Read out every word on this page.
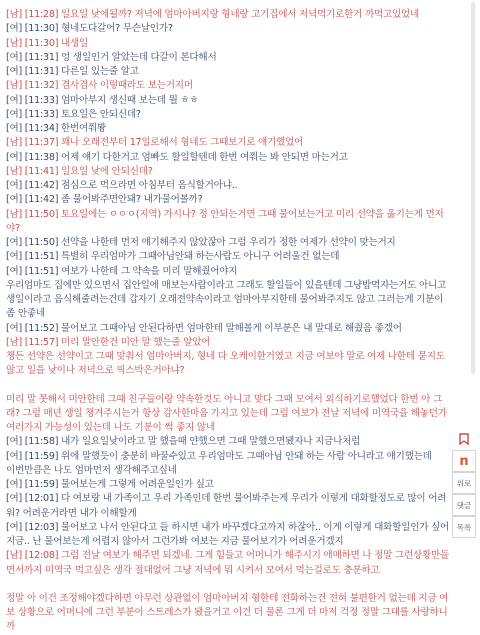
[남] [11:28] 일요일 낮에될까? 저녁에 엄마아버지랑 형네랑 고기집에서 저녁먹기로한거 까먹고있었네
[여] [11:30] 형네도다갈어? 무슨날인가?
[남] [11:30] 내생일
[여] [11:31] 엉 생일인거 알았는데 다갈이 본다해서
[여] [11:31] 다른일 있는줄 알고
[남] [11:32] 겸사겸사 이렇때라도 보는거지머
[여] [11:33] 엄마아부지 생신때 보는데 뭘 ㅎㅎ
[여] [11:33] 토요일은 안되신데?
[여] [11:34] 한번여쭤봥
[남] [11:37] 꽤나 오래전부터 17일로해서 형네도 그때보기로 얘기했었어
[여] [11:38] 어제 얘기 다한거고 엄빠도 할일할텐데 한번 여쭤는 봐 안되면 마는거고
[남] [11:41] 일요일 낮에 안되신데?
[여] [11:42] 점심으로 먹으라면 아침부터 음식할거아냐..
[여] [11:42] 좀 물어봐주면안돼? 내가물어볼까?
[남] [11:50] 토요일에는 ㅇㅇㅇ(지역) 가시나? 정 안되는거면 그때 물어보는거고 미리 선약을 옮기는게 먼저야?
[여] [11:50] 선약을 나한테 먼저 얘기해주지 않았잖아 그럼 우리가 정한 여제가 선약이 맞는거지
[여] [11:51] 특별히 우리엄마가 그때아님안돼 하는사람도 아니구 어려울건 없는데
[여] [11:51] 여보가 나한테 그 약속을 미리 말해줬어야지
우리엄마도 집에만 있으면서 집안일에 매보는사람이라고 그래도 할일들이 있을텐데 그냥밥먹자는거도 아니고 생일이라고 음식해줄려는건데 갑자기 오래전약속이라고 엄마아부지한테 물어봐주지도 않고 그러는게 기분이 좀 안좋네
[여] [11:52] 물어보고 그때아님 안된다하면 엄마한테 말해볼게 이부분은 내 말대로 해줬음 좋겠어
[남] [11:57] 미리 말안한건 미안 말 했는줄 알았어
챙든 선약은 선약이고 그때 맞춰서 엄마아버지, 형네 다 오케이한거였고 지금 여보야 말로 여제 나한테 묻지도 않고 일을 낮이나 저녁으로 픽스박은거아냐?
미리 말 못해서 미안한데 그때 친구들이랑 약속한것도 아니고 맞다 그때 모여서 외식하기로했었다 한번 아 그래? 그럼 매년 생일 챙겨주시는거 항상 감사한마음 가지고 있는데 그럼 여보가 전날 저녁에 미역국을 해놓던가 여러가지 가능성이 있는데 나도 기분이 썩 좋지 않네
[여] [11:58] 내가 일요일낮이라고 말 했을때 얀했으면 그때 말했으면됐자나 지금나처럼
[여] [11:59] 위에 말했듯이 충분히 바꿀수있고 우리엄마도 그때아님 안돼 하는 사람 아니라고 얘기했는데
이번만큼은 나도 엄마먼저 생각해주고싶네
[여] [11:59] 물어보는게 그렇게 어려운일인가 싶고
[여] [12:01] 다 여보랑 내 가족이고 우리 가족인데 한번 물어봐주는게 우리가 이렇게 대화할정도로 많이 어려워? 어려운거라면 내가 이해할게
[여] [12:03] 물어보고 나서 안된다고 들 하시면 내가 바꾸겠다고까지 하잖아.. 이게 이렇게 대화할일인가 싶어 지금.. 난 물어보는게 어렵지 않아서 그런가봐 여보는 지금 물어보기가 어려운거겠지
[남] [12:08] 그럼 전날 여보가 해주면 되겠네. 그게 힘들고 어머니가 해주시기 애매하면 나 정말 그런상황만들면서까지 미역국 먹고싶은 생각 절대없어 그냥 저녁에 뭐 시켜서 모여서 먹는걸로도 충분하고
정말 아 이건 조정해야겠다하면 아무런 상관없이 엄마아버지 형한테 전화하는건 전혀 불편한거 없는데 지금 여보 상황으로 어머니에 그런 부분이 스트레스가 됐을거고 이건 더 물론 그게 더 마저 걱정 정말 그대를 사랑하니까
n
위로
댓글
목록
